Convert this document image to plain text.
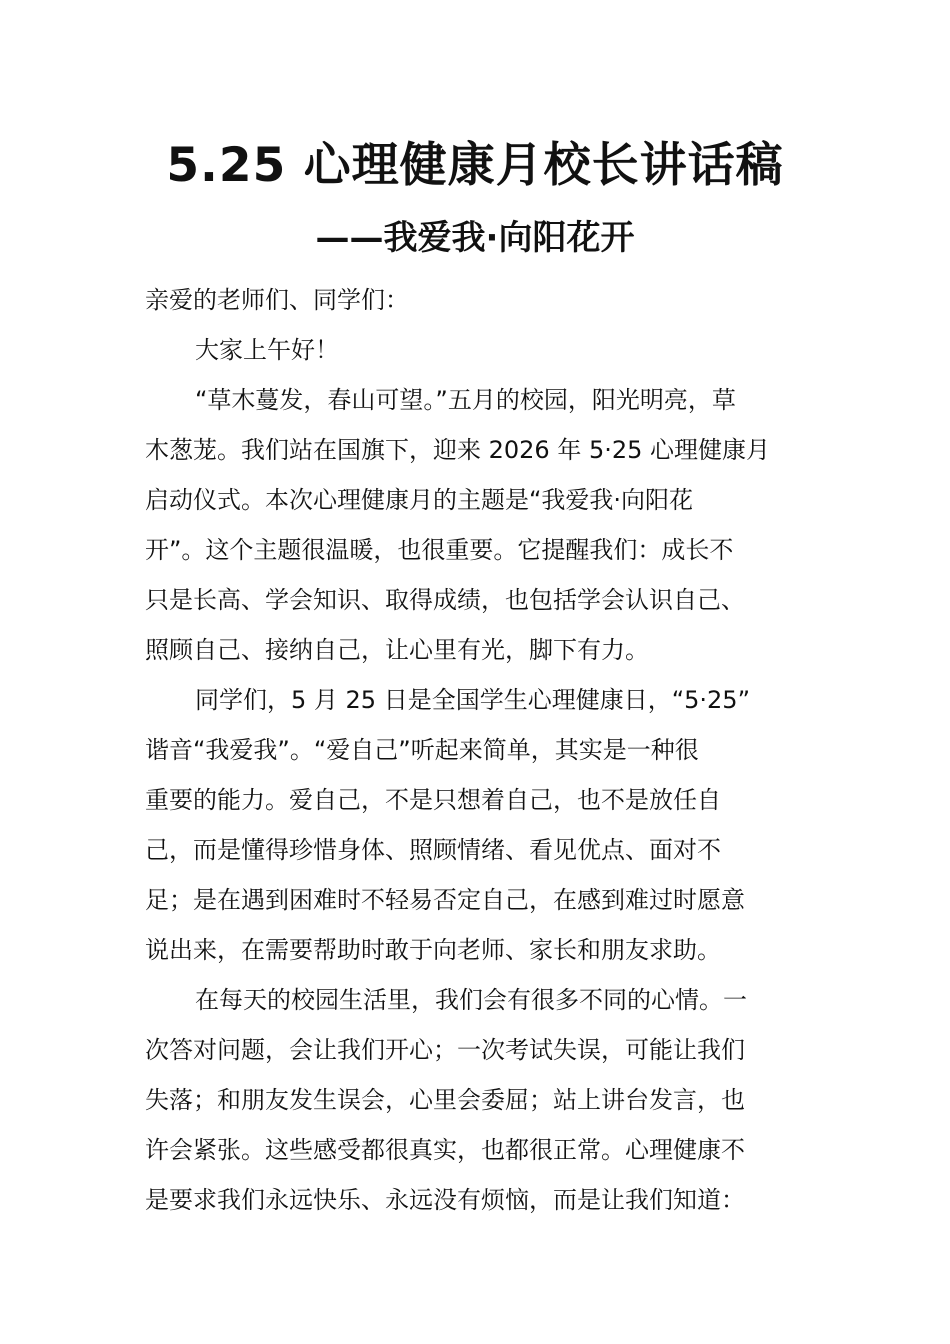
5.25 心理健康月校长讲话稿
——我爱我·向阳花开
亲爱的老师们、同学们：
大家上午好！
“草木蔓发，春山可望。”五月的校园，阳光明亮，草
木葱茏。我们站在国旗下，迎来 2026 年 5·25 心理健康月
启动仪式。本次心理健康月的主题是“我爱我·向阳花
开”。这个主题很温暖，也很重要。它提醒我们：成长不
只是长高、学会知识、取得成绩，也包括学会认识自己、
照顾自己、接纳自己，让心里有光，脚下有力。
同学们，5 月 25 日是全国学生心理健康日，“5·25”
谐音“我爱我”。“爱自己”听起来简单，其实是一种很
重要的能力。爱自己，不是只想着自己，也不是放任自
己，而是懂得珍惜身体、照顾情绪、看见优点、面对不
足；是在遇到困难时不轻易否定自己，在感到难过时愿意
说出来，在需要帮助时敢于向老师、家长和朋友求助。
在每天的校园生活里，我们会有很多不同的心情。一
次答对问题，会让我们开心；一次考试失误，可能让我们
失落；和朋友发生误会，心里会委屈；站上讲台发言，也
许会紧张。这些感受都很真实，也都很正常。心理健康不
是要求我们永远快乐、永远没有烦恼，而是让我们知道：
